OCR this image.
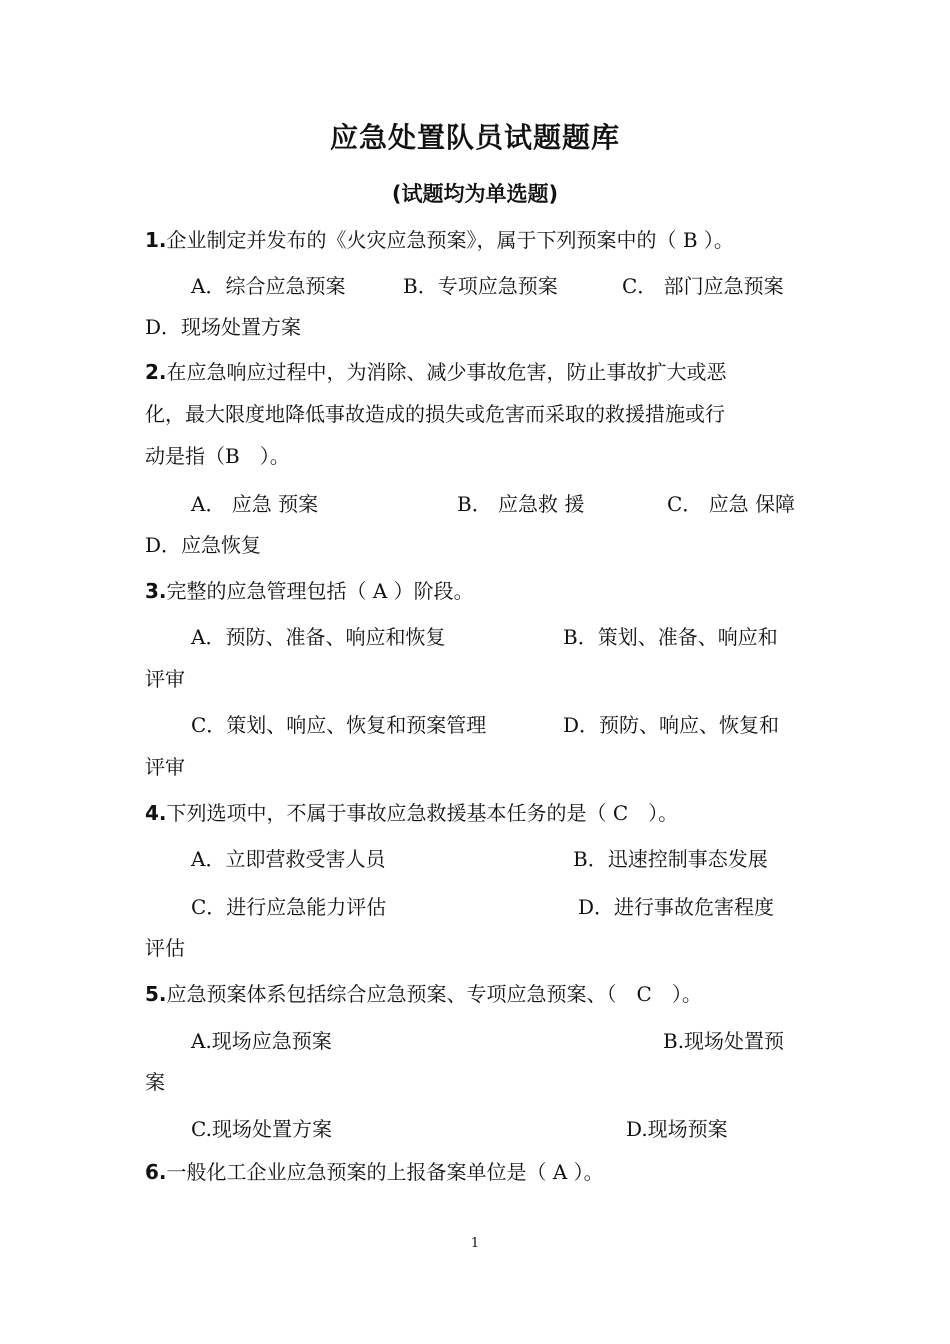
应急处置队员试题题库
(试题均为单选题)
1.企业制定并发布的《火灾应急预案》，属于下列预案中的（ B ）。
A．综合应急预案	B．专项应急预案	C． 部门应急预案
D．现场处置方案
2.在应急响应过程中，为消除、减少事故危害，防止事故扩大或恶
化，最大限度地降低事故造成的损失或危害而采取的救援措施或行
动是指（B　）。
A． 应急 预案	B． 应急救 援	C． 应急 保障
D．应急恢复
3.完整的应急管理包括（ A ）阶段。
A．预防、准备、响应和恢复	B．策划、准备、响应和
评审
C．策划、响应、恢复和预案管理	D．预防、响应、恢复和
评审
4.下列选项中，不属于事故应急救援基本任务的是（ C　）。
A．立即营救受害人员	B．迅速控制事态发展
C．进行应急能力评估	D．进行事故危害程度
评估
5.应急预案体系包括综合应急预案、专项应急预案、（　C　）。
A.现场应急预案	B.现场处置预
案
C.现场处置方案	D.现场预案
6.一般化工企业应急预案的上报备案单位是（ A ）。
1
